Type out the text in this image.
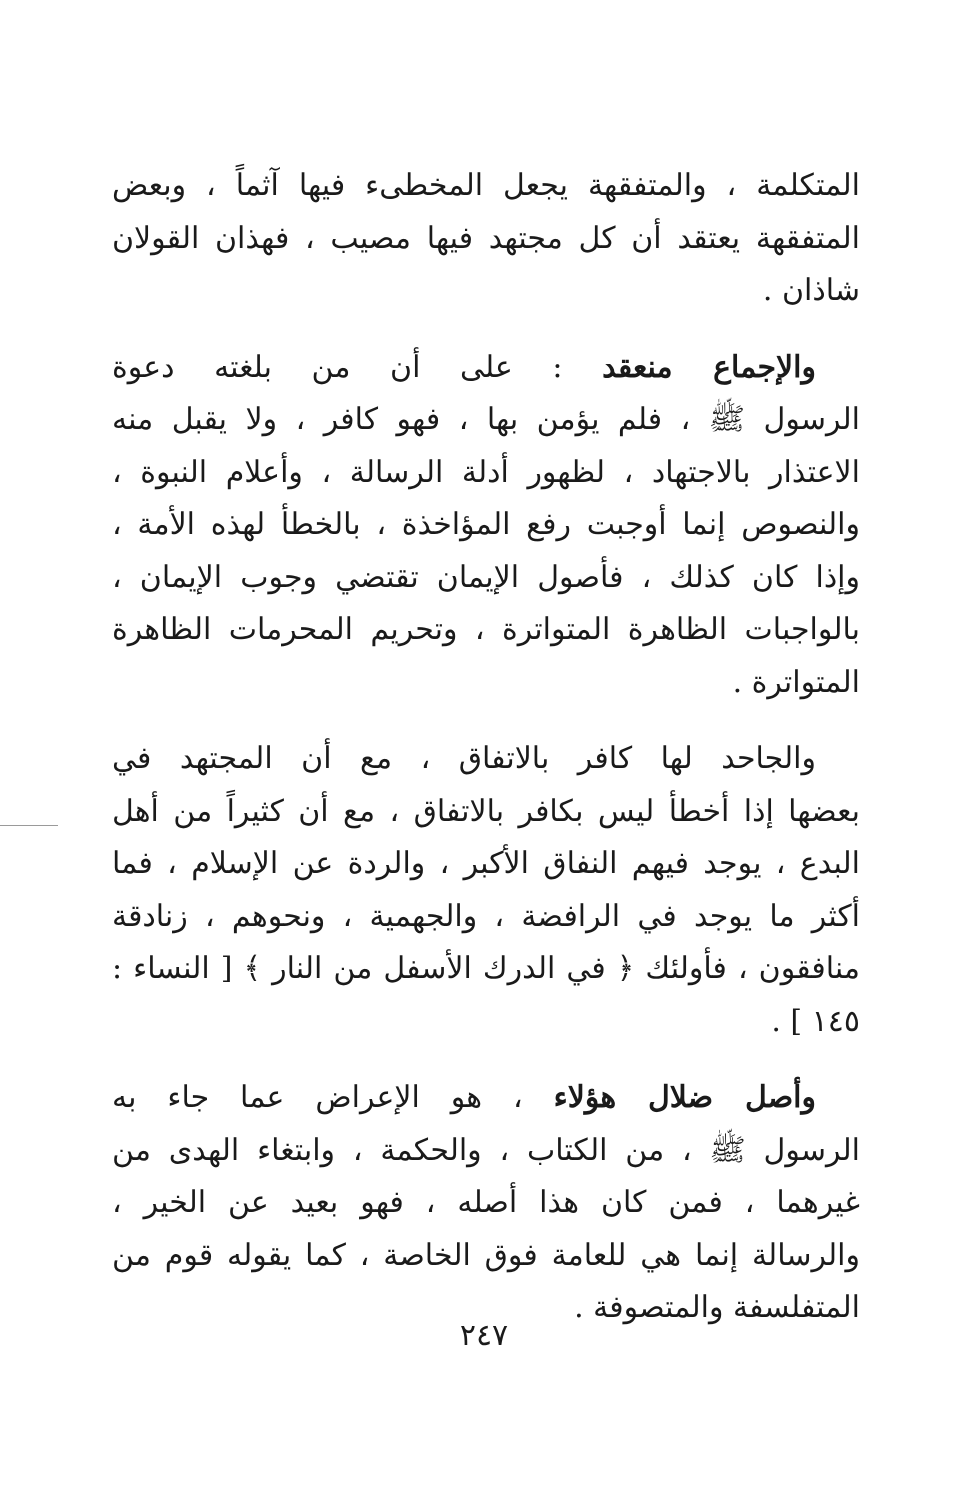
المتكلمة ، والمتفقهة يجعل المخطىء فيها آثماً ، وبعض
المتفقهة يعتقد أن كل مجتهد فيها مصيب ، فهذان القولان
شاذان .

والإجماع منعقد : على أن من بلغته دعوة
الرسول ﷺ ، فلم يؤمن بها ، فهو كافر ، ولا يقبل منه
الاعتذار بالاجتهاد ، لظهور أدلة الرسالة ، وأعلام النبوة ،
والنصوص إنما أوجبت رفع المؤاخذة ، بالخطأ لهذه الأمة ،
وإذا كان كذلك ، فأصول الإيمان تقتضي وجوب الإيمان ،
بالواجبات الظاهرة المتواترة ، وتحريم المحرمات الظاهرة
المتواترة .

والجاحد لها كافر بالاتفاق ، مع أن المجتهد في
بعضها إذا أخطأ ليس بكافر بالاتفاق ، مع أن كثيراً من أهل
البدع ، يوجد فيهم النفاق الأكبر ، والردة عن الإسلام ، فما
أكثر ما يوجد في الرافضة ، والجهمية ، ونحوهم ، زنادقة
منافقون ، فأولئك ﴿ في الدرك الأسفل من النار ﴾ [ النساء :
١٤٥ ] .

وأصل ضلال هؤلاء ، هو الإعراض عما جاء به
الرسول ﷺ ، من الكتاب ، والحكمة ، وابتغاء الهدى من
غيرهما ، فمن كان هذا أصله ، فهو بعيد عن الخير ،
والرسالة إنما هي للعامة فوق الخاصة ، كما يقوله قوم من
المتفلسفة والمتصوفة .

٢٤٧
